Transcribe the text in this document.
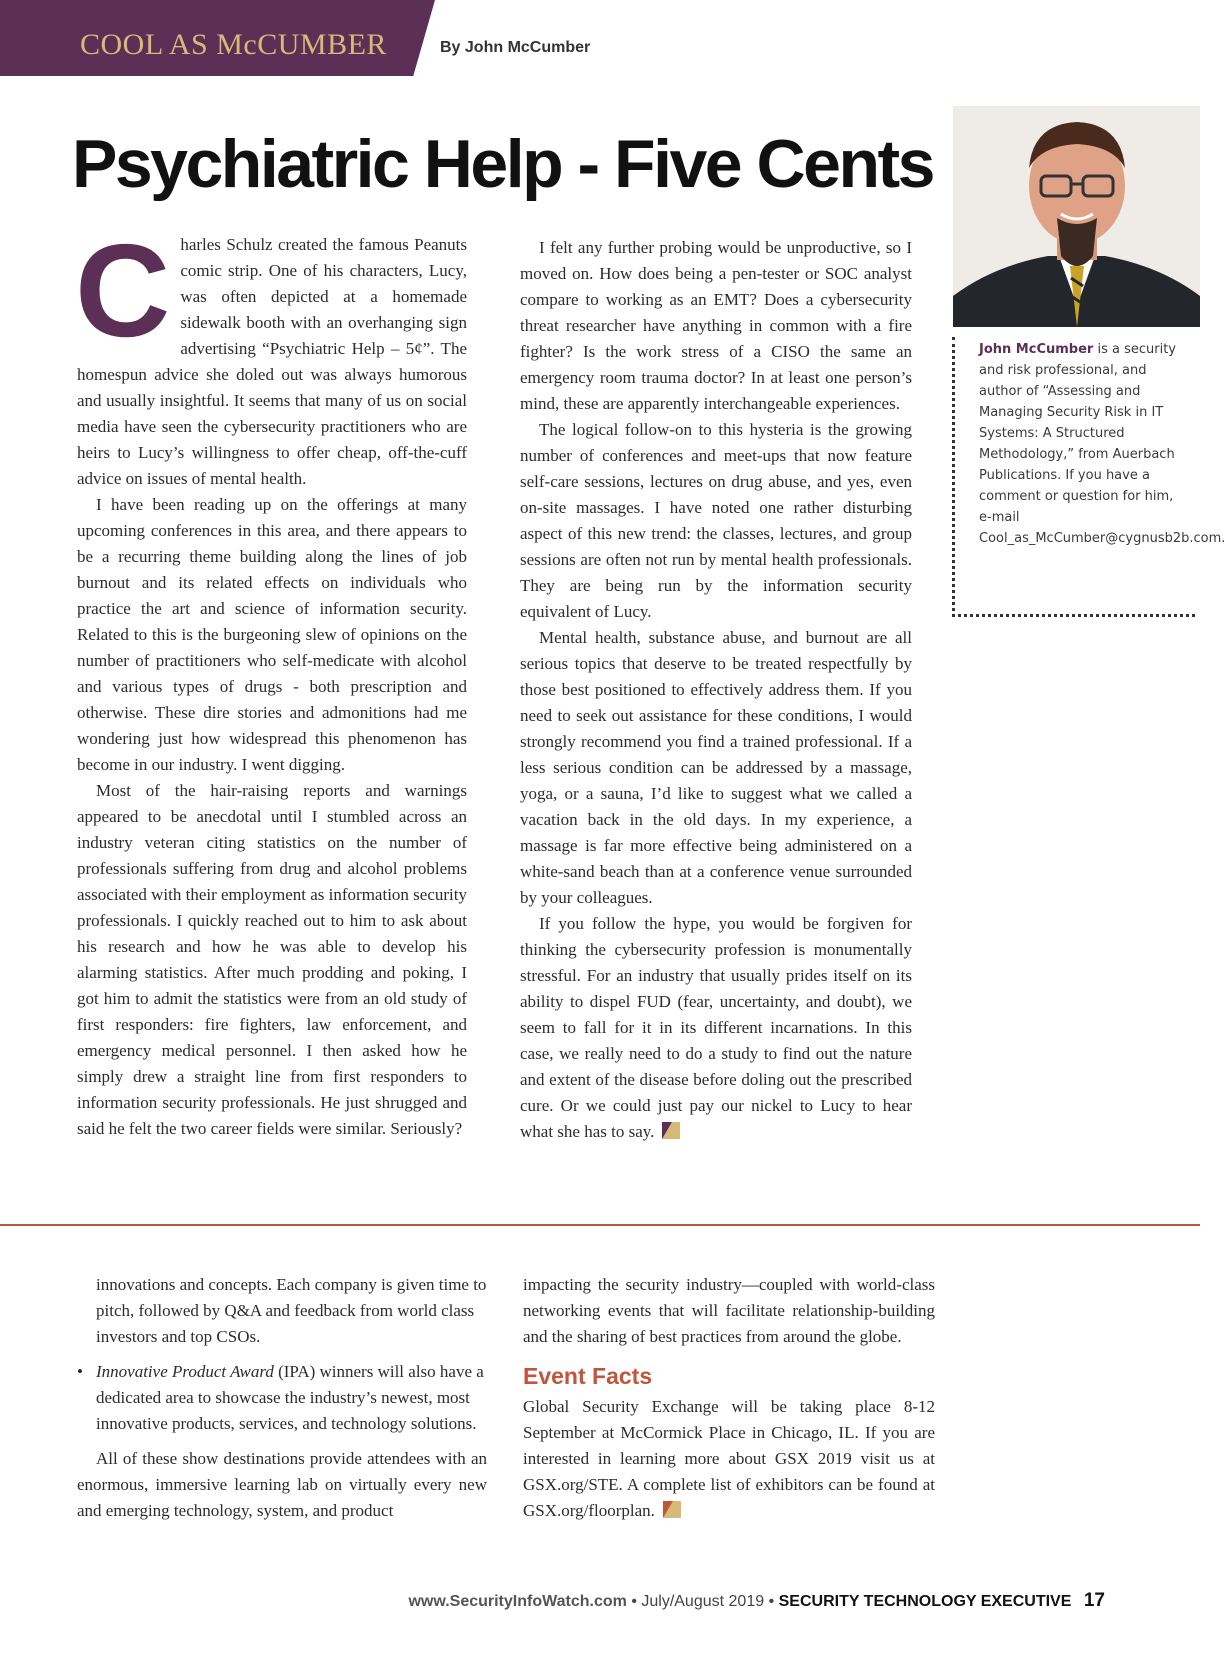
COOL AS McCUMBER	By John McCumber
Psychiatric Help - Five Cents
John McCumber is a security and risk professional, and author of “Assessing and Managing Security Risk in IT Systems: A Structured Methodology,” from Auerbach Publications. If you have a comment or question for him, e-mail Cool_as_McCumber@cygnusb2b.com.

Charles Schulz created the famous Peanuts comic strip. One of his characters, Lucy, was often depicted at a homemade sidewalk booth with an overhanging sign advertising “Psychiatric Help – 5¢”. The homespun advice she doled out was always humorous and usually insightful. It seems that many of us on social media have seen the cybersecurity practitioners who are heirs to Lucy’s willingness to offer cheap, off-the-cuff advice on issues of mental health.

I have been reading up on the offerings at many upcoming conferences in this area, and there appears to be a recurring theme building along the lines of job burnout and its related effects on individuals who practice the art and science of information security. Related to this is the burgeoning slew of opinions on the number of practitioners who self-medicate with alcohol and various types of drugs - both prescription and otherwise. These dire stories and admonitions had me wondering just how widespread this phenomenon has become in our industry. I went digging.

Most of the hair-raising reports and warnings appeared to be anecdotal until I stumbled across an industry veteran citing statistics on the number of professionals suffering from drug and alcohol problems associated with their employment as information security professionals. I quickly reached out to him to ask about his research and how he was able to develop his alarming statistics. After much prodding and poking, I got him to admit the statistics were from an old study of first responders: fire fighters, law enforcement, and emergency medical personnel. I then asked how he simply drew a straight line from first responders to information security professionals. He just shrugged and said he felt the two career fields were similar. Seriously?

I felt any further probing would be unproductive, so I moved on. How does being a pen-tester or SOC analyst compare to working as an EMT? Does a cybersecurity threat researcher have anything in common with a fire fighter? Is the work stress of a CISO the same an emergency room trauma doctor? In at least one person’s mind, these are apparently interchangeable experiences.

The logical follow-on to this hysteria is the growing number of conferences and meet-ups that now feature self-care sessions, lectures on drug abuse, and yes, even on-site massages. I have noted one rather disturbing aspect of this new trend: the classes, lectures, and group sessions are often not run by mental health professionals. They are being run by the information security equivalent of Lucy.

Mental health, substance abuse, and burnout are all serious topics that deserve to be treated respectfully by those best positioned to effectively address them. If you need to seek out assistance for these conditions, I would strongly recommend you find a trained professional. If a less serious condition can be addressed by a massage, yoga, or a sauna, I’d like to suggest what we called a vacation back in the old days. In my experience, a massage is far more effective being administered on a white-sand beach than at a conference venue surrounded by your colleagues.

If you follow the hype, you would be forgiven for thinking the cybersecurity profession is monumentally stressful. For an industry that usually prides itself on its ability to dispel FUD (fear, uncertainty, and doubt), we seem to fall for it in its different incarnations. In this case, we really need to do a study to find out the nature and extent of the disease before doling out the prescribed cure. Or we could just pay our nickel to Lucy to hear what she has to say.

innovations and concepts. Each company is given time to pitch, followed by Q&A and feedback from world class investors and top CSOs.
• Innovative Product Award (IPA) winners will also have a dedicated area to showcase the industry’s newest, most innovative products, services, and technology solutions.

All of these show destinations provide attendees with an enormous, immersive learning lab on virtually every new and emerging technology, system, and product

impacting the security industry—coupled with world-class networking events that will facilitate relationship-building and the sharing of best practices from around the globe.
Event Facts
Global Security Exchange will be taking place 8-12 September at McCormick Place in Chicago, IL. If you are interested in learning more about GSX 2019 visit us at GSX.org/STE. A complete list of exhibitors can be found at GSX.org/floorplan.
www.SecurityInfoWatch.com • July/August 2019 • SECURITY TECHNOLOGY EXECUTIVE 17
